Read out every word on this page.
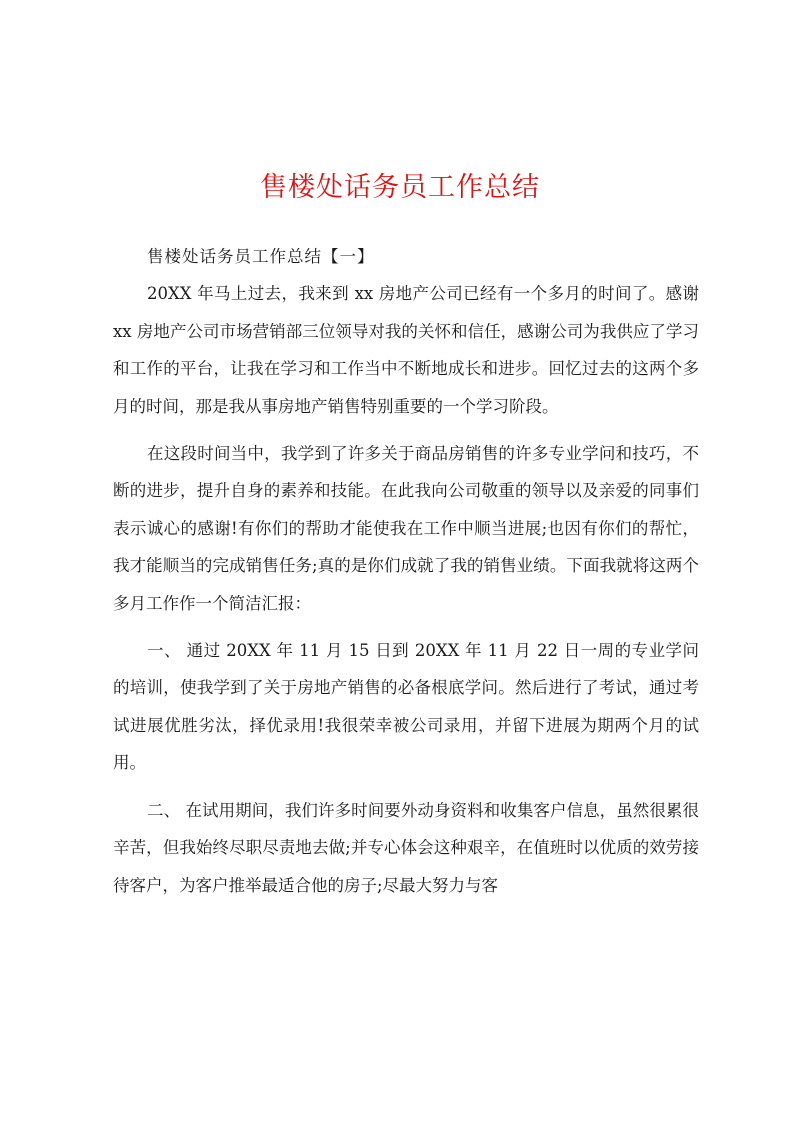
售楼处话务员工作总结

售楼处话务员工作总结【一】

20XX 年马上过去，我来到 xx 房地产公司已经有一个多月的时间了。感谢 xx 房地产公司市场营销部三位领导对我的关怀和信任，感谢公司为我供应了学习和工作的平台，让我在学习和工作当中不断地成长和进步。回忆过去的这两个多月的时间，那是我从事房地产销售特别重要的一个学习阶段。

在这段时间当中，我学到了许多关于商品房销售的许多专业学问和技巧，不断的进步，提升自身的素养和技能。在此我向公司敬重的领导以及亲爱的同事们表示诚心的感谢!有你们的帮助才能使我在工作中顺当进展;也因有你们的帮忙，我才能顺当的完成销售任务;真的是你们成就了我的销售业绩。下面我就将这两个多月工作作一个简洁汇报：

一、 通过 20XX 年 11 月 15 日到 20XX 年 11 月 22 日一周的专业学问的培训，使我学到了关于房地产销售的必备根底学问。然后进行了考试，通过考试进展优胜劣汰，择优录用!我很荣幸被公司录用，并留下进展为期两个月的试用。

二、 在试用期间，我们许多时间要外动身资料和收集客户信息，虽然很累很辛苦，但我始终尽职尽责地去做;并专心体会这种艰辛，在值班时以优质的效劳接待客户，为客户推举最适合他的房子;尽最大努力与客
